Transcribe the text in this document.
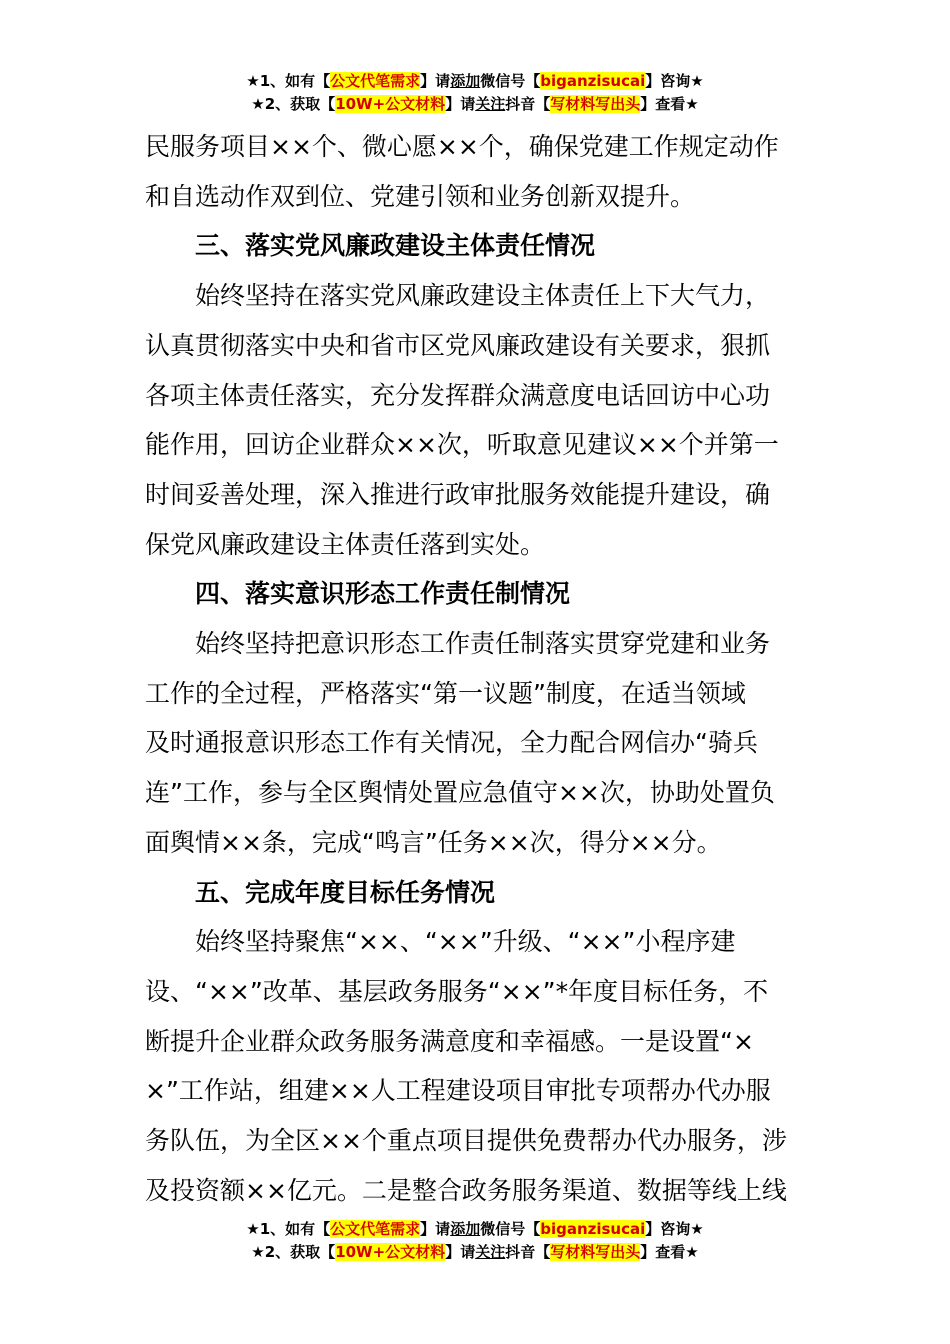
★1、如有【公文代笔需求】请添加微信号【biganzisucai】咨询★
★2、获取【10W+公文材料】请关注抖音【写材料写出头】查看★

民服务项目××个、微心愿××个，确保党建工作规定动作

和自选动作双到位、党建引领和业务创新双提升。

三、落实党风廉政建设主体责任情况

始终坚持在落实党风廉政建设主体责任上下大气力，

认真贯彻落实中央和省市区党风廉政建设有关要求，狠抓

各项主体责任落实，充分发挥群众满意度电话回访中心功

能作用，回访企业群众××次，听取意见建议××个并第一

时间妥善处理，深入推进行政审批服务效能提升建设，确

保党风廉政建设主体责任落到实处。

四、落实意识形态工作责任制情况

始终坚持把意识形态工作责任制落实贯穿党建和业务

工作的全过程，严格落实“第一议题”制度，在适当领域

及时通报意识形态工作有关情况，全力配合网信办“骑兵

连”工作，参与全区舆情处置应急值守××次，协助处置负

面舆情××条，完成“鸣言”任务××次，得分××分。

五、完成年度目标任务情况

始终坚持聚焦“××、“××”升级、“××”小程序建

设、“××”改革、基层政务服务“××”*年度目标任务，不

断提升企业群众政务服务满意度和幸福感。一是设置“×

×”工作站，组建××人工程建设项目审批专项帮办代办服

务队伍，为全区××个重点项目提供免费帮办代办服务，涉

及投资额××亿元。二是整合政务服务渠道、数据等线上线

★1、如有【公文代笔需求】请添加微信号【biganzisucai】咨询★
★2、获取【10W+公文材料】请关注抖音【写材料写出头】查看★
